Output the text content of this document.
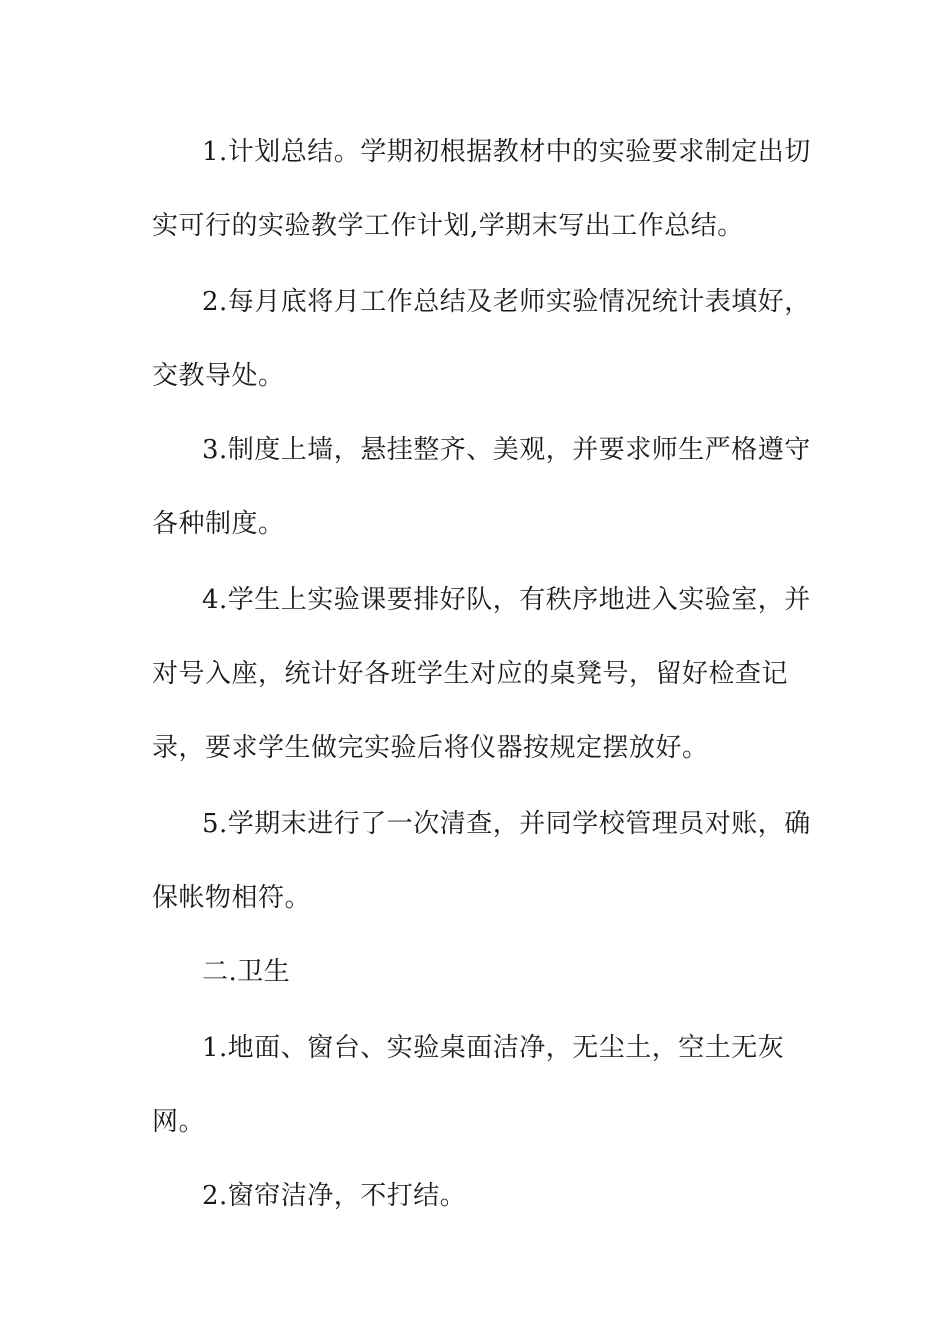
1.计划总结。学期初根据教材中的实验要求制定出切
实可行的实验教学工作计划,学期末写出工作总结。
2.每月底将月工作总结及老师实验情况统计表填好，
交教导处。
3.制度上墙，悬挂整齐、美观，并要求师生严格遵守
各种制度。
4.学生上实验课要排好队，有秩序地进入实验室，并
对号入座，统计好各班学生对应的桌凳号，留好检查记
录，要求学生做完实验后将仪器按规定摆放好。
5.学期末进行了一次清查，并同学校管理员对账，确
保帐物相符。
二.卫生
1.地面、窗台、实验桌面洁净，无尘土，空土无灰
网。
2.窗帘洁净，不打结。
